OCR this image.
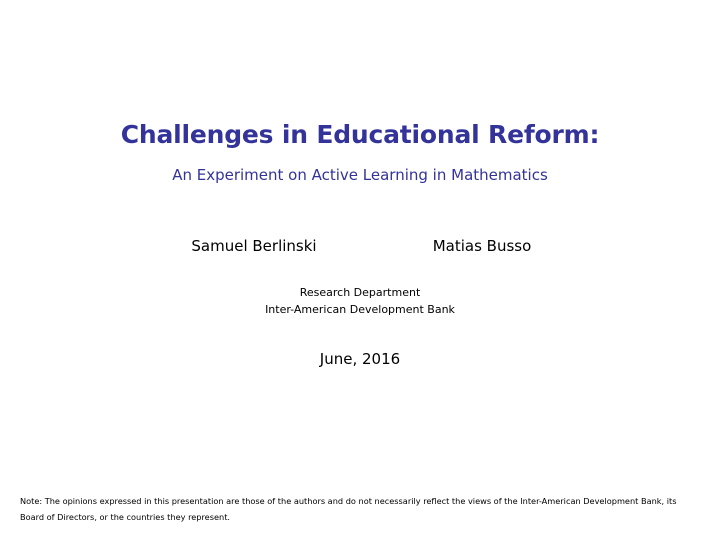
Challenges in Educational Reform:
An Experiment on Active Learning in Mathematics
Samuel Berlinski	Matias Busso
Research Department
Inter-American Development Bank
June, 2016
Note: The opinions expressed in this presentation are those of the authors and do not necessarily reflect the views of the Inter-American Development Bank, its Board of Directors, or the countries they represent.
